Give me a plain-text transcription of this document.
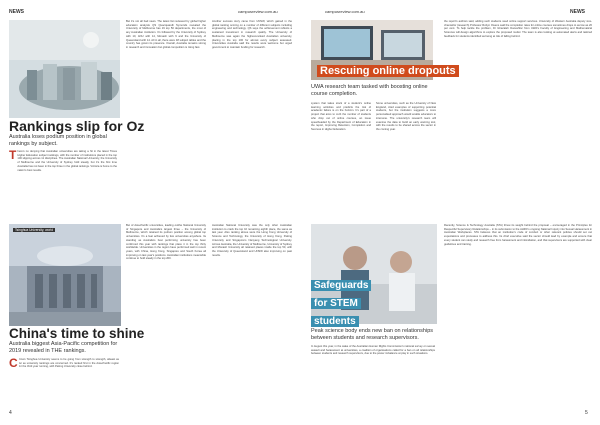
NEWS	campusreview.com.au	campusreview.com.au	NEWS
Rankings slip for Oz
Australia loses podium position in global rankings by subject.
T here's no denying that Australian universities are taking a hit in the latest Times Higher Education subject rankings, with the number of institutions placed in the top 100 slipping across 11 disciplines. The Australian National University, the University of Melbourne and the University of Sydney hold steady, but it's the first time Australia has not been in the top three in the global rankings. Victoria is home to the nation's best results.
Tsinghua University, world
China's time to shine
Australia biggest Asia-Pacific competition for 2019 revealed in THE rankings.
C hina's Tsinghua University seems to be going from strength to strength, atleast as far as university rankings are concerned. It's ranked first in the Asia-Pacific region for the third year running, with Peking University close behind.
But it's not all bad news. The latest list reviewed by global higher education analysts QS Quacquarelli Symonds revealed the University of Melbourne has 19 top 50 departments, the most of any Australian institution. It's followed by the University of Sydney with 10, ANU with 14, Monash with 9 and the University of Queensland with 14. All in all, there were 48 subject tables and the country has grown its presence. Overall, Australia remains strong in research and innovation but global competition is rising fast.
Another success story came from UNSW, which gained in the global ranking scoring on a number of different subjects including engineering and technology. QS says the achievement reflects a sustained investment in research quality. The University of Melbourne was again the highest-ranked Australian university, placing in the top 100 for almost every subject assessed. Universities Australia said the results were welcome but urged government to maintain funding for research.
But of Asia-Pacific universities, leading outthe National University of Singapore and Australia's largest three – the University of Melbourne, which retained its podium position among global top universities. It's a feat achieved by few universities anywhere. Its standing as Australia's best performing university has been confirmed this year with rankings that place it in the top thirty worldwide. Universities in the region have performed well in recent years, with China, Hong Kong, Singapore and South Korea all improving on last year's positions. Australian institutions meanwhile continue to hold steady in the top 200.
Australian National University was the only other Australian institution to crack the top 10 remaining eighth place, the same as last year. Also ranking above were the Hong Kong University of Science and Technology, the University of Hong Kong, Peking University and Singapore's Nanyang Technological University. Across Australia, the University of Melbourne, University of Sydney and Monash University all retained places inside the top 50, with the University of Queensland and UNSW also improving on past results.
Rescuing online dropouts
UWA research team tasked with boosting online course completion.
system that takes stock of a student's online learning activities and predicts the risk of academic failure is on the horizon. It's part of a project that aims to curb the number of students who drop out of online courses, an issue spearheaded by the Department of Education in the report, Improving Retention, Completion and Success in Higher Education.
Some universities, such as the University of New England, cited examples of supporting potential students, but the institution suggests a more personalised approach would enable educators to intervene. The university's research team will examine the data to build an early warning tool, with the results to be shared across the sector in the coming year.
Safeguards
for STEM
students
Peak science body ends new ban on relationships between students and research supervisors.
In August this year, in the wake of the Australian Human Rights Commission's national survey on sexual assault and harassment at universities, a coalition of organisations called for a ban on all relationships between students and research supervisors, due to the power imbalance at play in such situations.
the report's authors said, adding such students need online support services. University of Western Australia deputy vice-chancellor (research) Professor Robyn Owens said the completion rates for online courses sometimes drops to as low as 20 per cent. To help tackle the problem, Dr Ghazaleh Daneshfar from UWA's Faculty of Engineering and Mathematical Sciences will design algorithms to explore the proposed model. The team is also looking at automated alerts and tailored feedback for students identified as being at risk of falling behind.
Recently, Science & Technology Australia (STA) threw its weight behind the proposal – encouraged in the Principles for Respectful Supervisory Relationships – in its submission to the AHRC's ongoing National Inquiry into Sexual Harassment in Australian Workplaces. STA believes that an institution's code of conduct or other relevant policies should set out expectations and processes to address this. Its chief executive said the sector should lead by example and ensure that every student can study and research free from harassment and intimidation, and that supervisors are supported with clear guidelines and training.
4	5
